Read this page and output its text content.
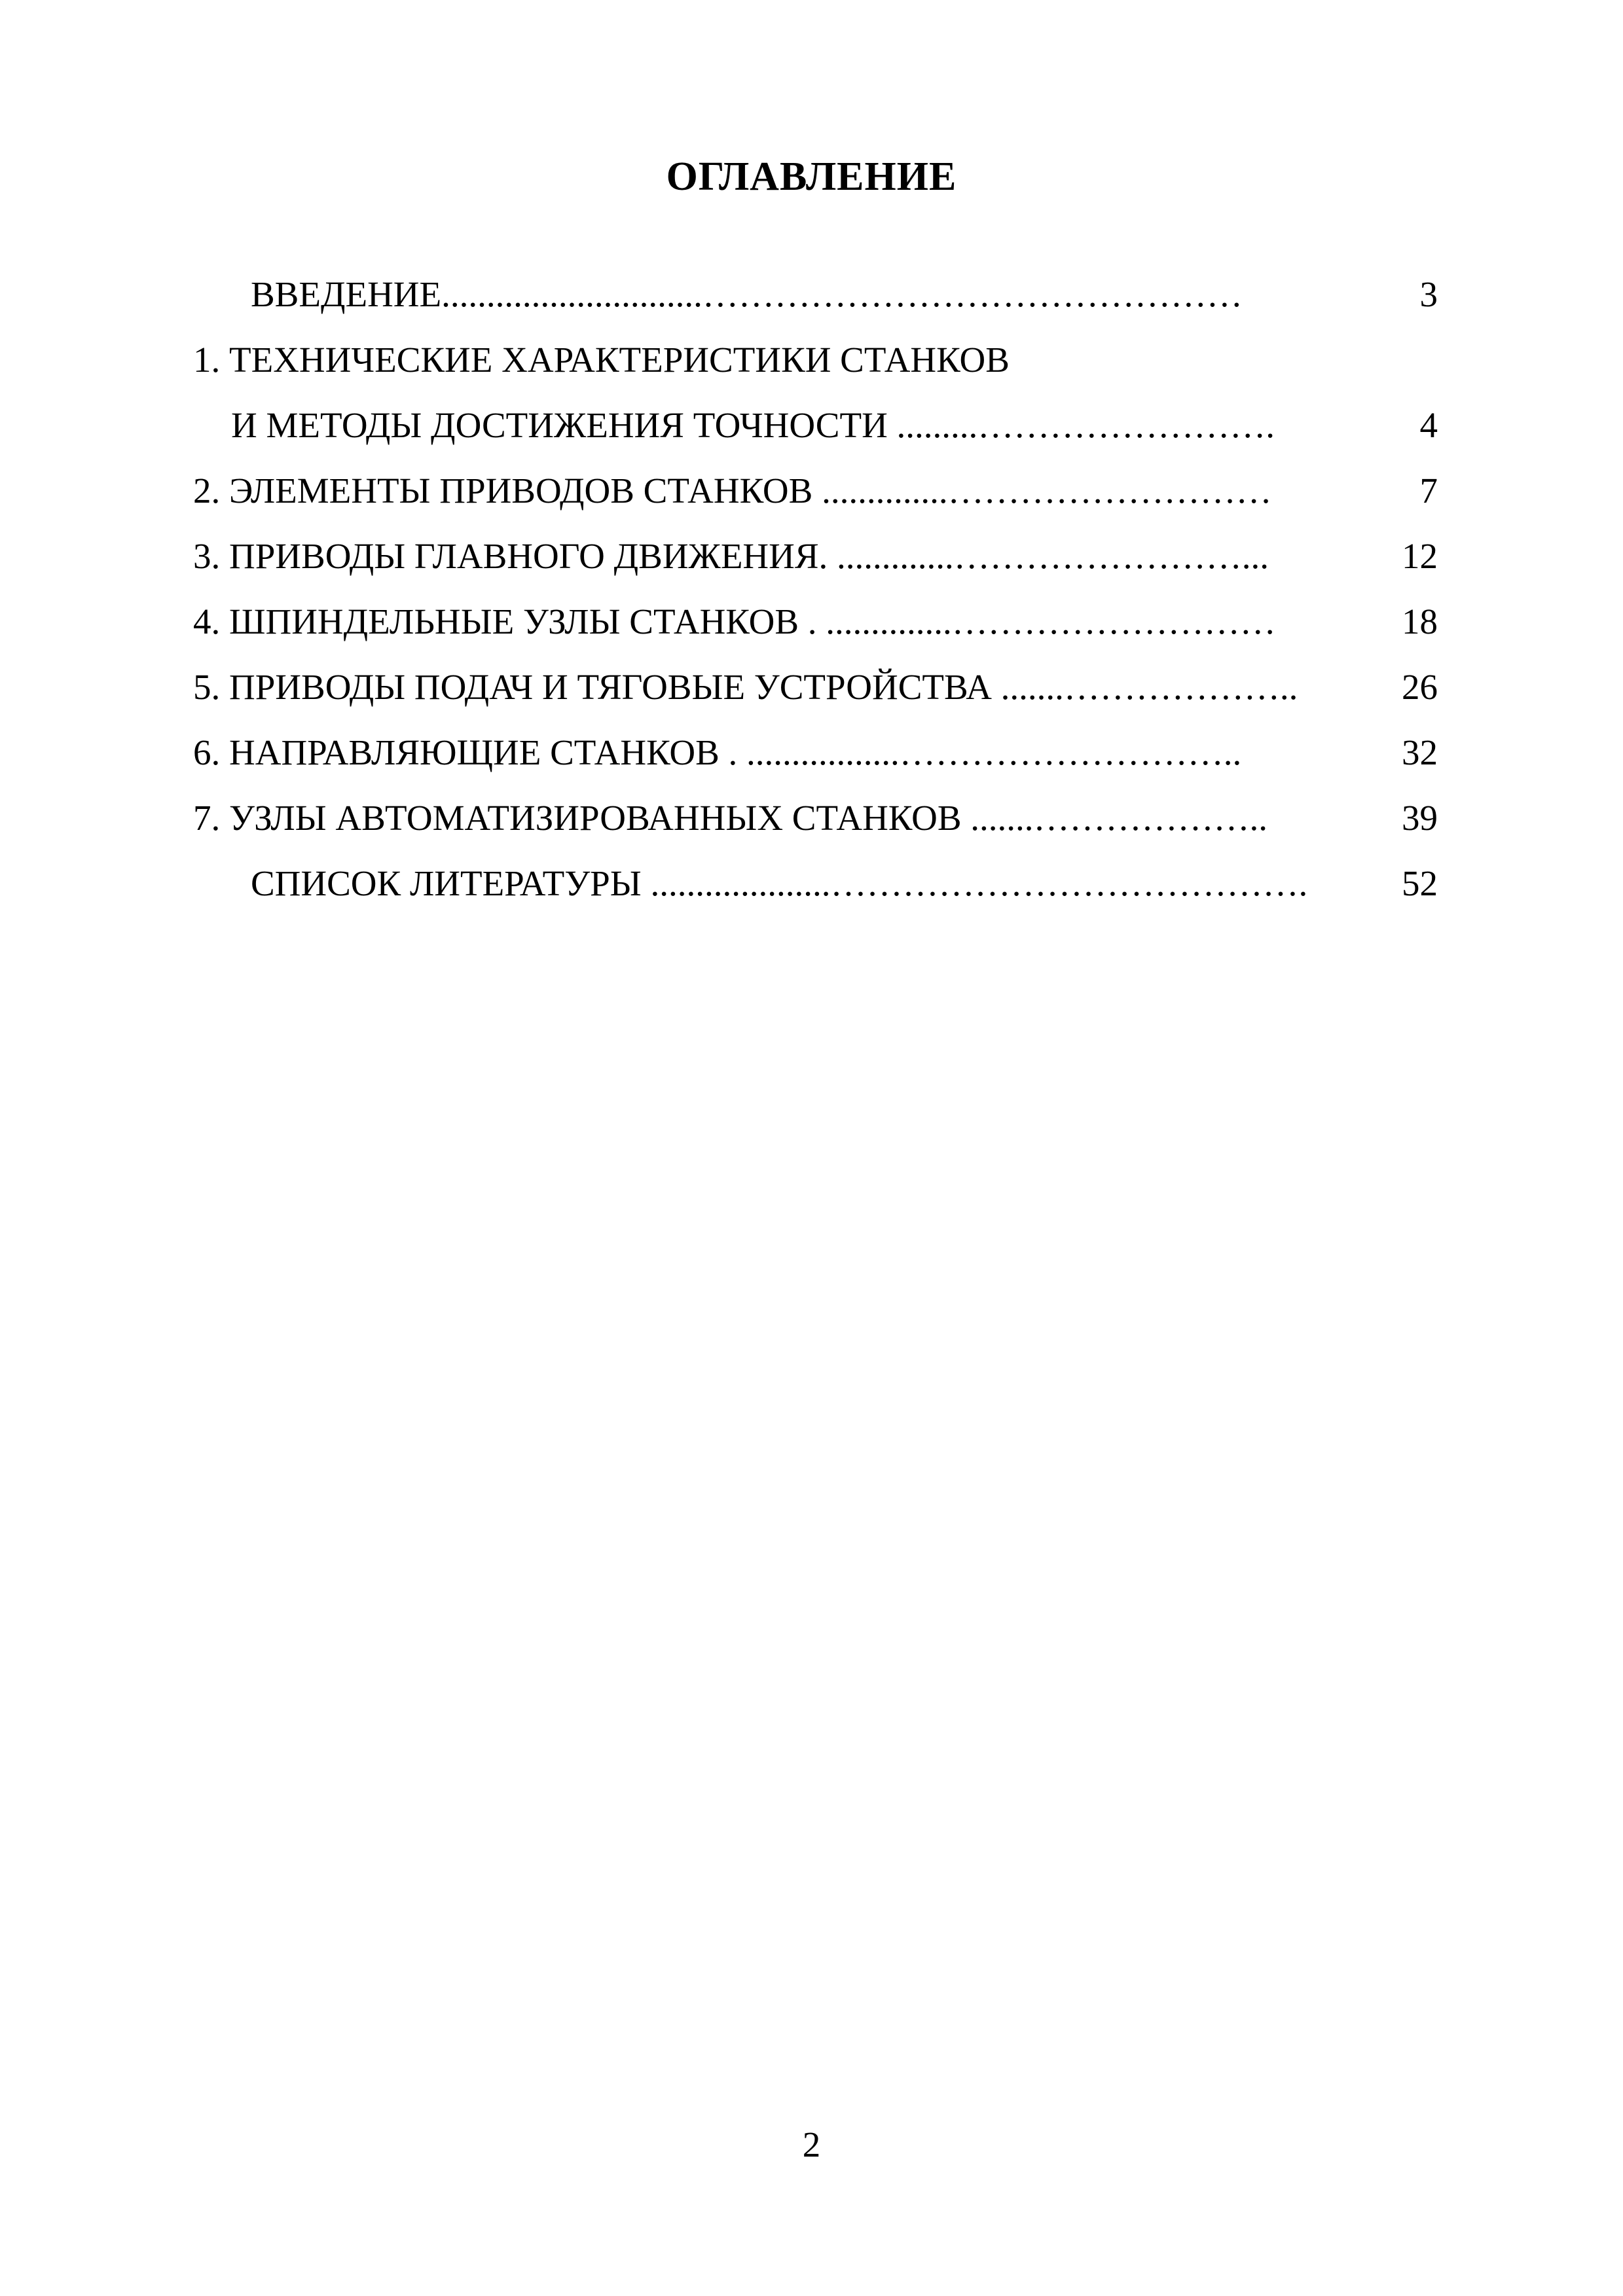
ОГЛАВЛЕНИЕ
ВВЕДЕНИЕ.............................………………………………………	3
1. ТЕХНИЧЕСКИЕ ХАРАКТЕРИСТИКИ СТАНКОВ
И МЕТОДЫ ДОСТИЖЕНИЯ ТОЧНОСТИ .........…………………….	4
2. ЭЛЕМЕНТЫ ПРИВОДОВ СТАНКОВ ..............………………………	7
3. ПРИВОДЫ ГЛАВНОГО ДВИЖЕНИЯ. .............……………………...	12
4. ШПИНДЕЛЬНЫЕ УЗЛЫ СТАНКОВ . ..............………………………	18
5. ПРИВОДЫ ПОДАЧ И ТЯГОВЫЕ УСТРОЙСТВА .......………………..	26
6. НАПРАВЛЯЮЩИЕ СТАНКОВ . .................………………………..	32
7. УЗЛЫ АВТОМАТИЗИРОВАННЫХ СТАНКОВ .......………………..	39
СПИСОК ЛИТЕРАТУРЫ ....................………………………………….	52
2
